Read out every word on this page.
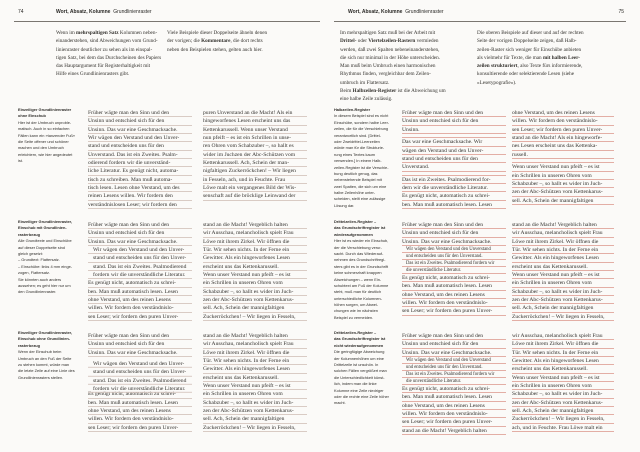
74	Wort, Absatz, Kolumne Grundlinienraster
Wenn im mehrspaltigen Satz Kolumnen neben-
einanderstehen, sind Abweichungen vom Grund-
linienraster deutlicher zu sehen als im einspal-
tigen Satz, bei dem das Durchscheinen des Papiers
das Hauptargument für Registerhaltigkeit mit
Hilfe eines Grundlinienrasters gibt.
Viele Beispiele dieser Doppelseite ähneln denen
der vorigen; die Kommentare, die dort rechts
neben den Beispielen stehen, gelten auch hier.
Einzeiliger Grundlinienraster
ohne Einschub
Hier ist der Umbruch unproble-
matisch. Auch in so einfachen
Fällen kann ein »tanzender Fuß«
die Seite offener und schöner
machen und den Umbruch
erleichtern, wie hier angedeutet
ist.
Früher wägte man den Sinn und den
Unsinn und entschied sich für den
Unsinn. Das war eine Geschmacksache.
Wir wägen den Verstand und den Unver-
stand und entscheiden uns für den
Unverstand. Das ist ein Zweites. Psalm-
odierend fordern wir die unverständ-
liche Literatur. Es genügt nicht, automa-
tisch zu schreiben. Man muß automa-
tisch lesen. Lesen ohne Verstand, um des
reinen Lesens willen. Wir fordern den
verständnislosen Leser; wir fordern den
puren Unverstand an die Macht! Als ein
hingeworfenes Lesen erscheint uns das
Kettenkarussell. Wenn unser Verstand
nun pfeift – es ist ein Schrillen in unse-
ren Ohren vom Schabzuber –, so hallt es
wider im Juchzen der Abc-Schützen vom
Kettenkarussell. Ach, Schein der man-
nigfaltigen Zuckerröckchen! – Wir liegen
in Fesseln, ach, und in Feuchte. Frau
Löwe malt ein vergangenes Bild der Wis-
senschaft auf die bröcklige Leinwand der
Einzeiliger Grundlinienraster,
Einschub mit Grundlinien-
rasterbezug
Alle Grundtexte und Einschübe
auf dieser Doppelseite sind
gleich gesetzt:
– Grundtext: Flattersatz.
– Einschübe: links 4 mm einge-
zogen, Flattersatz.
Sie könnten auch anders
aussehen; es geht hier nur um
den Grundlinienraster.
Früher wägte man den Sinn und den
Unsinn und entschied sich für den
Unsinn. Das war eine Geschmacksache.
Wir wägen den Verstand und den Unver-
stand und entscheiden uns für den Unver-
stand. Das ist ein Zweites. Psalmodierend
fordern wir die unverständliche Literatur.
Es genügt nicht, automatisch zu schrei-
ben. Man muß automatisch lesen. Lesen
ohne Verstand, um des reinen Lesens
willen. Wir fordern den verständnislo-
sen Leser; wir fordern den puren Unver-
stand an die Macht! Vergeblich halten
wir Ausschau, melancholisch spielt Frau
Löwe mit ihrem Zirkel. Wir öffnen die
Tür. Wir sehen nichts. In der Ferne ein
Gewitter. Als ein hingeworfenes Lesen
erscheint uns das Kettenkarussell.
Wenn unser Verstand nun pfeift – es ist
ein Schrillen in unseren Ohren vom
Schabzuber –, so hallt es wider im Juch-
zen der Abc-Schützen vom Kettenkarus-
sell. Ach, Schein der mannigfaltigen
Zuckerröckchen! – Wir liegen in Fesseln,
Einzeiliger Grundlinienraster,
Einschub ohne Grundlinien-
rasterbezug
Wenn der Einschub beim
Umbruch an den Fuß der Seite
zu stehen kommt, würde man
die letzte Zeile auf eine Linie des
Grundlinienrasters stellen.
Früher wägte man den Sinn und den
Unsinn und entschied sich für den
Unsinn. Das war eine Geschmacksache.
Wir wägen den Verstand und den Unver-
stand und entscheiden uns für den Unver-
stand. Das ist ein Zweites. Psalmodierend
fordern wir die unverständliche Literatur.
Es genügt nicht, automatisch zu schrei-
ben. Man muß automatisch lesen. Lesen
ohne Verstand, um des reinen Lesens
willen. Wir fordern den verständnislo-
sen Leser; wir fordern den puren Unver-
stand an die Macht! Vergeblich halten
wir Ausschau, melancholisch spielt Frau
Löwe mit ihrem Zirkel. Wir öffnen die
Tür. Wir sehen nichts. In der Ferne ein
Gewitter. Als ein hingeworfenes Lesen
erscheint uns das Kettenkarussell.
Wenn unser Verstand nun pfeift – es ist
ein Schrillen in unseren Ohren vom
Schabzuber –, so hallt es wider im Juch-
zen der Abc-Schützen vom Kettenkarus-
sell. Ach, Schein der mannigfaltigen
Zuckerröckchen! – Wir liegen in Fesseln,
75
Wort, Absatz, Kolumne Grundlinienraster
Im mehrspaltigen Satz muß bei der Arbeit mit
Drittel- oder Viertelzeilen-Rastern vermieden
werden, daß zwei Spalten nebeneinanderstehen,
die sich nur minimal in der Höhe unterscheiden.
Man muß beim Umbruch einen harmonischen
Rhythmus finden, vergleichbar dem Zeilen-
umbruch im Flattersatz.
Beim Halbzeilen-Register ist die Abweichung um
eine halbe Zeile zulässig.
Die oberen Beispiele auf dieser und auf der rechten
Seite der vorigen Doppelseite zeigen, daß Halb-
zeilen-Raster sich weniger für Einschübe anbieten
als vielmehr für Texte, die man mit halben Leer-
zeilen strukturiert, also Texte fürs informierende,
konsultierende oder selektierende Lesen (siehe
»Lesetypografie«).
Halbzeilen-Register
In diesem Beispiel sind es nicht
Einschübe, sondern halbe Leer-
zeilen, die für die Verschiebung
verantwortlich sind. [Drittel-
oder Zweidrittel-Leerzeilen
würde man für die Strukturie-
rung eines Textes kaum
verwenden.] In einem Halb-
zeilen-Register ist die Verschie-
bung deutlich genug, das
nebenstehende Beispiel mit
zwei Spalten, die sich um eine
halbe Zeilenhöhe unter-
scheiden, stellt eine zulässige
Lösung dar.
Früher wägte man den Sinn und den
Unsinn und entschied sich für den
Unsinn.
Das war eine Geschmacksache. Wir
wägen den Verstand und den Unver-
stand und entscheiden uns für den
Unverstand.
Das ist ein Zweites. Psalmodierend for-
dern wir die unverständliche Literatur.
Es genügt nicht, automatisch zu schrei-
ben. Man muß automatisch lesen. Lesen
ohne Verstand, um des reinen Lesens
willen. Wir fordern den verständnislo-
sen Leser; wir fordern den puren Unver-
stand an die Macht! Als ein hingeworfe-
nes Lesen erscheint uns das Kettenka-
russell.
Wenn unser Verstand nun pfeift – es ist
ein Schrillen in unseren Ohren vom
Schabzuber –, so hallt es wider im Juch-
zen der Abc-Schützen vom Kettenkarus-
sell. Ach, Schein der mannigfaltigen
Drittelzeilen-Register –
das Grundschriftregister ist
wiederaufgenommen
Hier ist es wieder ein Einschub,
der die Verschiebung verur-
sacht. Durch das Wiederauf-
nehmen des Grundschriftregi-
sters gibt es in der Grundschrift
keine schmerzhaft knappen
Abweichungen – wenn Ein-
schubtext am Fuß der Kolumne
steht, muß man für deutlich
unterschiedliche Kolumnen-
höhen sorgen, um Abwei-
chungen wie im nächsten
Beispiel zu vermeiden.
Früher wägte man den Sinn und den
Unsinn und entschied sich für den
Unsinn. Das war eine Geschmacksache.
Wir wägen den Verstand und den Unverstand
und entscheiden uns für den Unverstand.
Das ist ein Zweites. Psalmodierend fordern wir
die unverständliche Literatur.
Es genügt nicht, automatisch zu schrei-
ben. Man muß automatisch lesen. Lesen
ohne Verstand, um des reinen Lesens
willen. Wir fordern den verständnislo-
sen Leser; wir fordern den puren Unver-
stand an die Macht! Vergeblich halten
wir Ausschau, melancholisch spielt Frau
Löwe mit ihrem Zirkel. Wir öffnen die
Tür. Wir sehen nichts. In der Ferne ein
Gewitter. Als ein hingeworfenes Lesen
erscheint uns das Kettenkarussell.
Wenn unser Verstand nun pfeift – es ist
ein Schrillen in unseren Ohren vom
Schabzuber –, so hallt es wider im Juch-
zen der Abc-Schützen vom Kettenkarus-
sell. Ach, Schein der mannigfaltigen
Zuckerröckchen! – Wir liegen in Fesseln,
Drittelzeilen-Register –
das Grundschriftregister ist
nicht wiederaufgenommen
Die geringfügige Abweichung
der Kolumnenhöhen um eine
Drittelzeile ist unschön. In
solchen Fällen vergrößert man
die Unterschiedlichkeit künst-
lich, indem man die linke
Kolumne eine Zeile niedriger
oder die rechte eine Zeile höher
macht.
Früher wägte man den Sinn und den
Unsinn und entschied sich für den
Unsinn. Das war eine Geschmacksache.
Wir wägen den Verstand und den Unverstand
und entscheiden uns für den Unverstand.
Das ist ein Zweites. Psalmodierend fordern wir
die unverständliche Literatur.
Es genügt nicht, automatisch zu schrei-
ben. Man muß automatisch lesen. Lesen
ohne Verstand, um des reinen Lesens
willen. Wir fordern den verständnislo-
sen Leser; wir fordern den puren Unver-
stand an die Macht! Vergeblich halten
wir Ausschau, melancholisch spielt Frau
Löwe mit ihrem Zirkel. Wir öffnen die
Tür. Wir sehen nichts. In der Ferne ein
Gewitter. Als ein hingeworfenes Lesen
erscheint uns das Kettenkarussell.
Wenn unser Verstand nun pfeift – es ist
ein Schrillen in unseren Ohren vom
Schabzuber –, so hallt es wider im Juch-
zen der Abc-Schützen vom Kettenkarus-
sell. Ach, Schein der mannigfaltigen
Zuckerröckchen! – Wir liegen in Fesseln,
ach, und in Feuchte. Frau Löwe malt ein
